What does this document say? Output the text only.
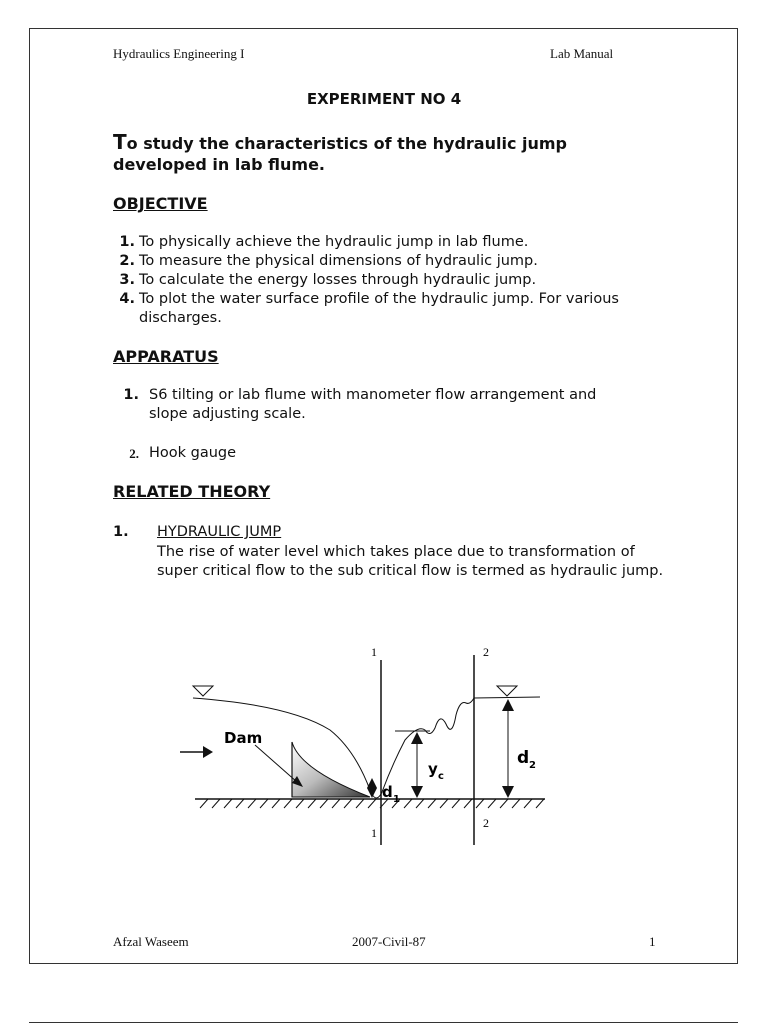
Hydraulics Engineering I	Lab Manual
EXPERIMENT NO 4
To study the characteristics of the hydraulic jump developed in lab flume.
OBJECTIVE
1. To physically achieve the hydraulic jump in lab flume.
2. To measure the physical dimensions of hydraulic jump.
3. To calculate the energy losses through hydraulic jump.
4. To plot the water surface profile of the hydraulic jump. For various discharges.
APPARATUS
1. S6 tilting or lab flume with manometer flow arrangement and slope adjusting scale.
2. Hook gauge
RELATED THEORY
1.	HYDRAULIC JUMP
The rise of water level which takes place due to transformation of super critical flow to the sub critical flow is termed as hydraulic jump.
1
1
2
2
Dam
d 1
y c
d 2
Afzal Waseem	2007-Civil-87	1
